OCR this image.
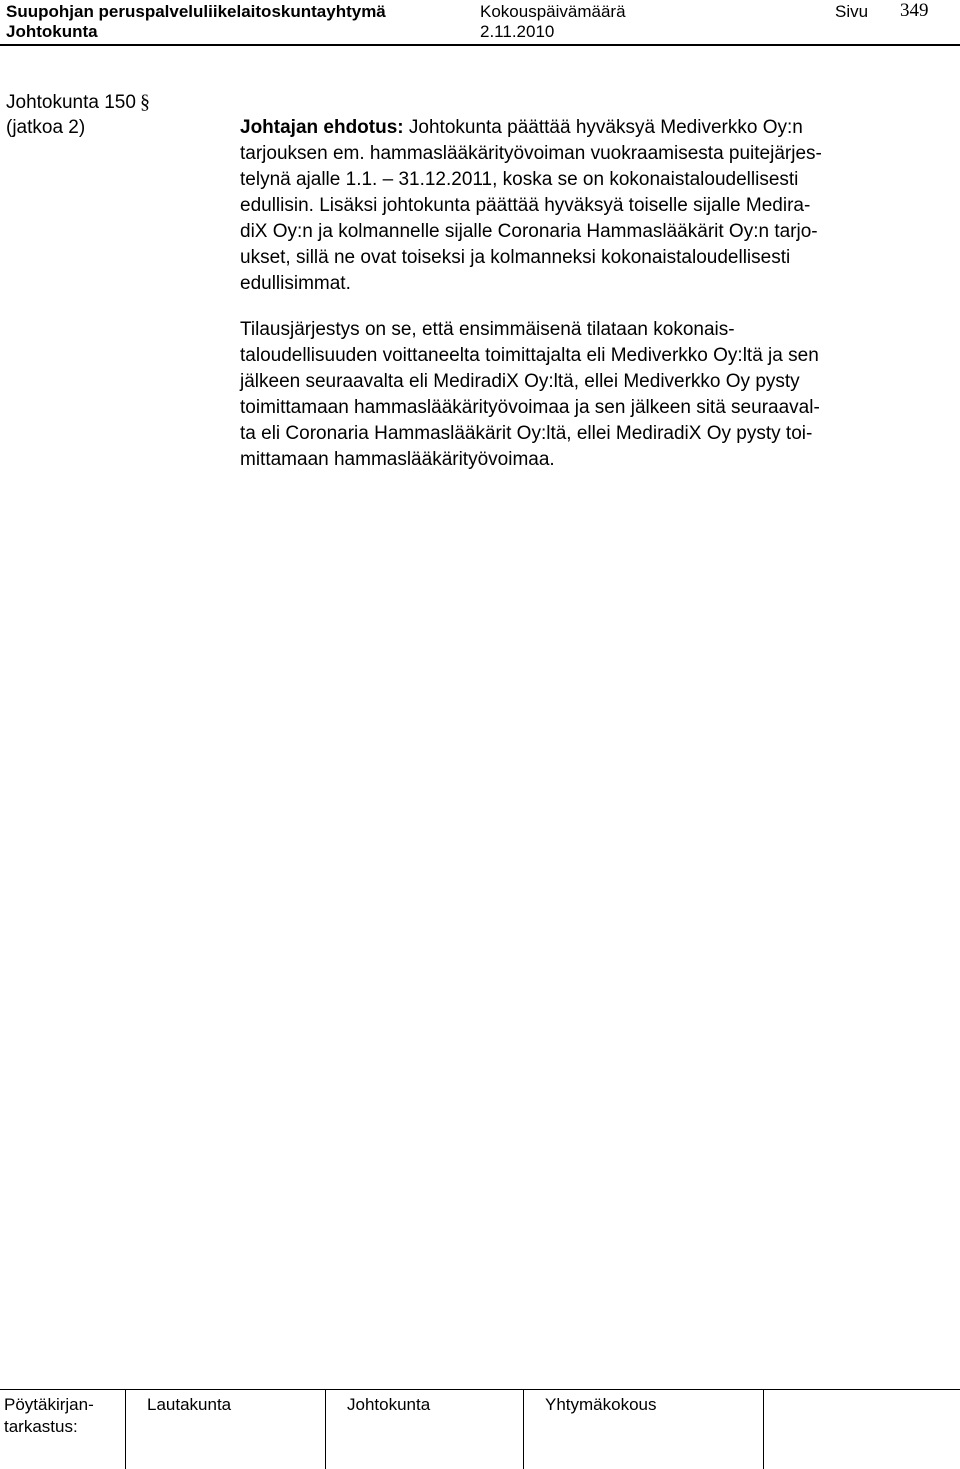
Suupohjan peruspalveluliikelaitoskuntayhtymä	Kokouspäivämäärä	Sivu 349
Johtokunta	2.11.2010
Johtokunta 150 §
(jatkoa 2)	Johtajan ehdotus: Johtokunta päättää hyväksyä Mediverkko Oy:n
tarjouksen em. hammaslääkärityövoiman vuokraamisesta puitejärjes-
telynä ajalle 1.1. – 31.12.2011, koska se on kokonaistaloudellisesti
edullisin. Lisäksi johtokunta päättää hyväksyä toiselle sijalle Medira-
diX Oy:n ja kolmannelle sijalle Coronaria Hammaslääkärit Oy:n tarjo-
ukset, sillä ne ovat toiseksi ja kolmanneksi kokonaistaloudellisesti
edullisimmat.

Tilausjärjestys on se, että ensimmäisenä tilataan kokonais-
taloudellisuuden voittaneelta toimittajalta eli Mediverkko Oy:ltä ja sen
jälkeen seuraavalta eli MediradiX Oy:ltä, ellei Mediverkko Oy pysty
toimittamaan hammaslääkärityövoimaa ja sen jälkeen sitä seuraaval-
ta eli Coronaria Hammaslääkärit Oy:ltä, ellei MediradiX Oy pysty toi-
mittamaan hammaslääkärityövoimaa.

Pöytäkirjan-
tarkastus:
Lautakunta	Johtokunta	Yhtymäkokous
